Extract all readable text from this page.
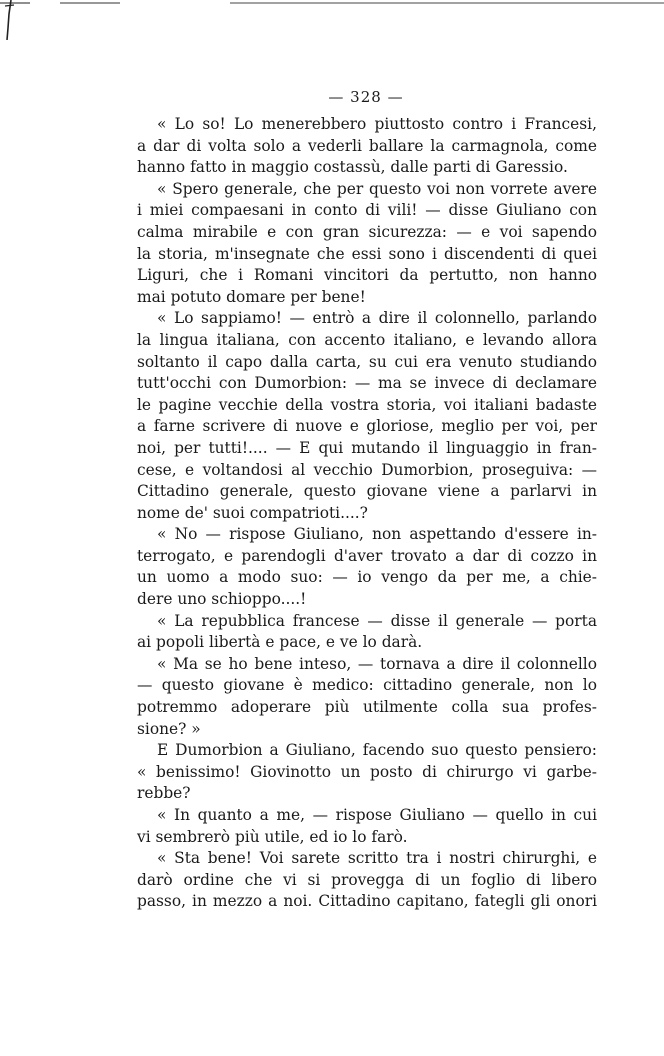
— 328 —
« Lo so! Lo menerebbero piuttosto contro i Francesi,
a dar di volta solo a vederli ballare la carmagnola, come
hanno fatto in maggio costassù, dalle parti di Garessio.
« Spero generale, che per questo voi non vorrete avere
i miei compaesani in conto di vili! — disse Giuliano con
calma mirabile e con gran sicurezza: — e voi sapendo
la storia, m'insegnate che essi sono i discendenti di quei
Liguri, che i Romani vincitori da pertutto, non hanno
mai potuto domare per bene!
« Lo sappiamo! — entrò a dire il colonnello, parlando
la lingua italiana, con accento italiano, e levando allora
soltanto il capo dalla carta, su cui era venuto studiando
tutt'occhi con Dumorbion: — ma se invece di declamare
le pagine vecchie della vostra storia, voi italiani badaste
a farne scrivere di nuove e gloriose, meglio per voi, per
noi, per tutti!.... — E qui mutando il linguaggio in fran-
cese, e voltandosi al vecchio Dumorbion, proseguiva: —
Cittadino generale, questo giovane viene a parlarvi in
nome de' suoi compatrioti....?
« No — rispose Giuliano, non aspettando d'essere in-
terrogato, e parendogli d'aver trovato a dar di cozzo in
un uomo a modo suo: — io vengo da per me, a chie-
dere uno schioppo....!
« La repubblica francese — disse il generale — porta
ai popoli libertà e pace, e ve lo darà.
« Ma se ho bene inteso, — tornava a dire il colonnello
— questo giovane è medico: cittadino generale, non lo
potremmo adoperare più utilmente colla sua profes-
sione? »
E Dumorbion a Giuliano, facendo suo questo pensiero:
« benissimo! Giovinotto un posto di chirurgo vi garbe-
rebbe?
« In quanto a me, — rispose Giuliano — quello in cui
vi sembrerò più utile, ed io lo farò.
« Sta bene! Voi sarete scritto tra i nostri chirurghi, e
darò ordine che vi si provegga di un foglio di libero
passo, in mezzo a noi. Cittadino capitano, fategli gli onori
